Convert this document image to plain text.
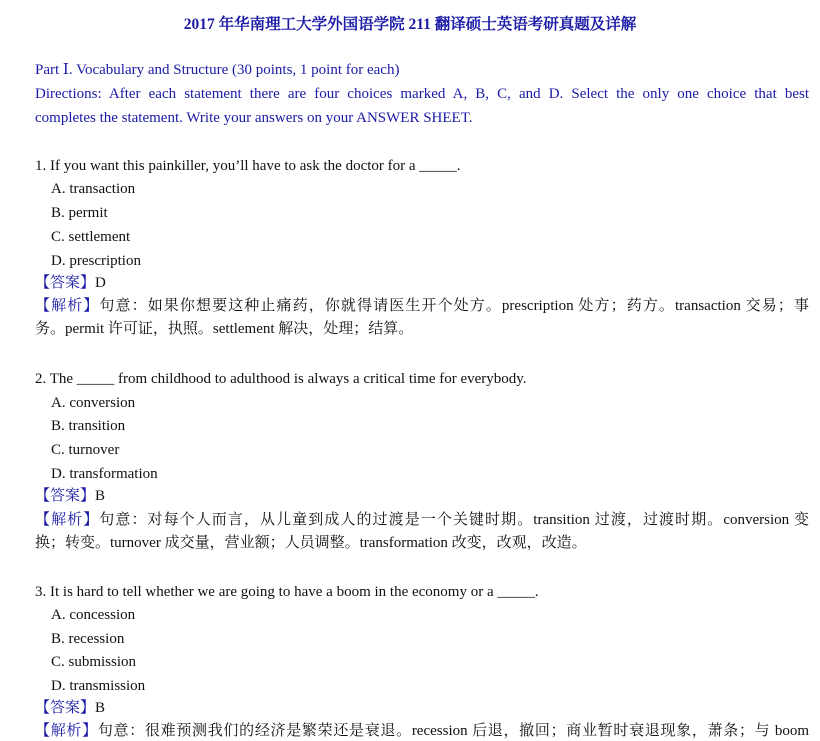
2017 年华南理工大学外国语学院 211 翻译硕士英语考研真题及详解
Part Ⅰ. Vocabulary and Structure (30 points, 1 point for each)
Directions: After each statement there are four choices marked A, B, C, and D. Select the only one choice that best
completes the statement. Write your answers on your ANSWER SHEET.
1. If you want this painkiller, you’ll have to ask the doctor for a _____.
A. transaction
B. permit
C. settlement
D. prescription
【答案】D
【解析】句意：如果你想要这种止痛药，你就得请医生开个处方。prescription 处方；药方。transaction 交易；事
务。permit 许可证，执照。settlement 解决，处理；结算。
2. The _____ from childhood to adulthood is always a critical time for everybody.
A. conversion
B. transition
C. turnover
D. transformation
【答案】B
【解析】句意：对每个人而言，从儿童到成人的过渡是一个关键时期。transition 过渡，过渡时期。conversion 变
换；转变。turnover 成交量，营业额；人员调整。transformation 改变，改观，改造。
3. It is hard to tell whether we are going to have a boom in the economy or a _____.
A. concession
B. recession
C. submission
D. transmission
【答案】B
【解析】句意：很难预测我们的经济是繁荣还是衰退。recession 后退，撤回；商业暂时衰退现象，萧条；与 boom
